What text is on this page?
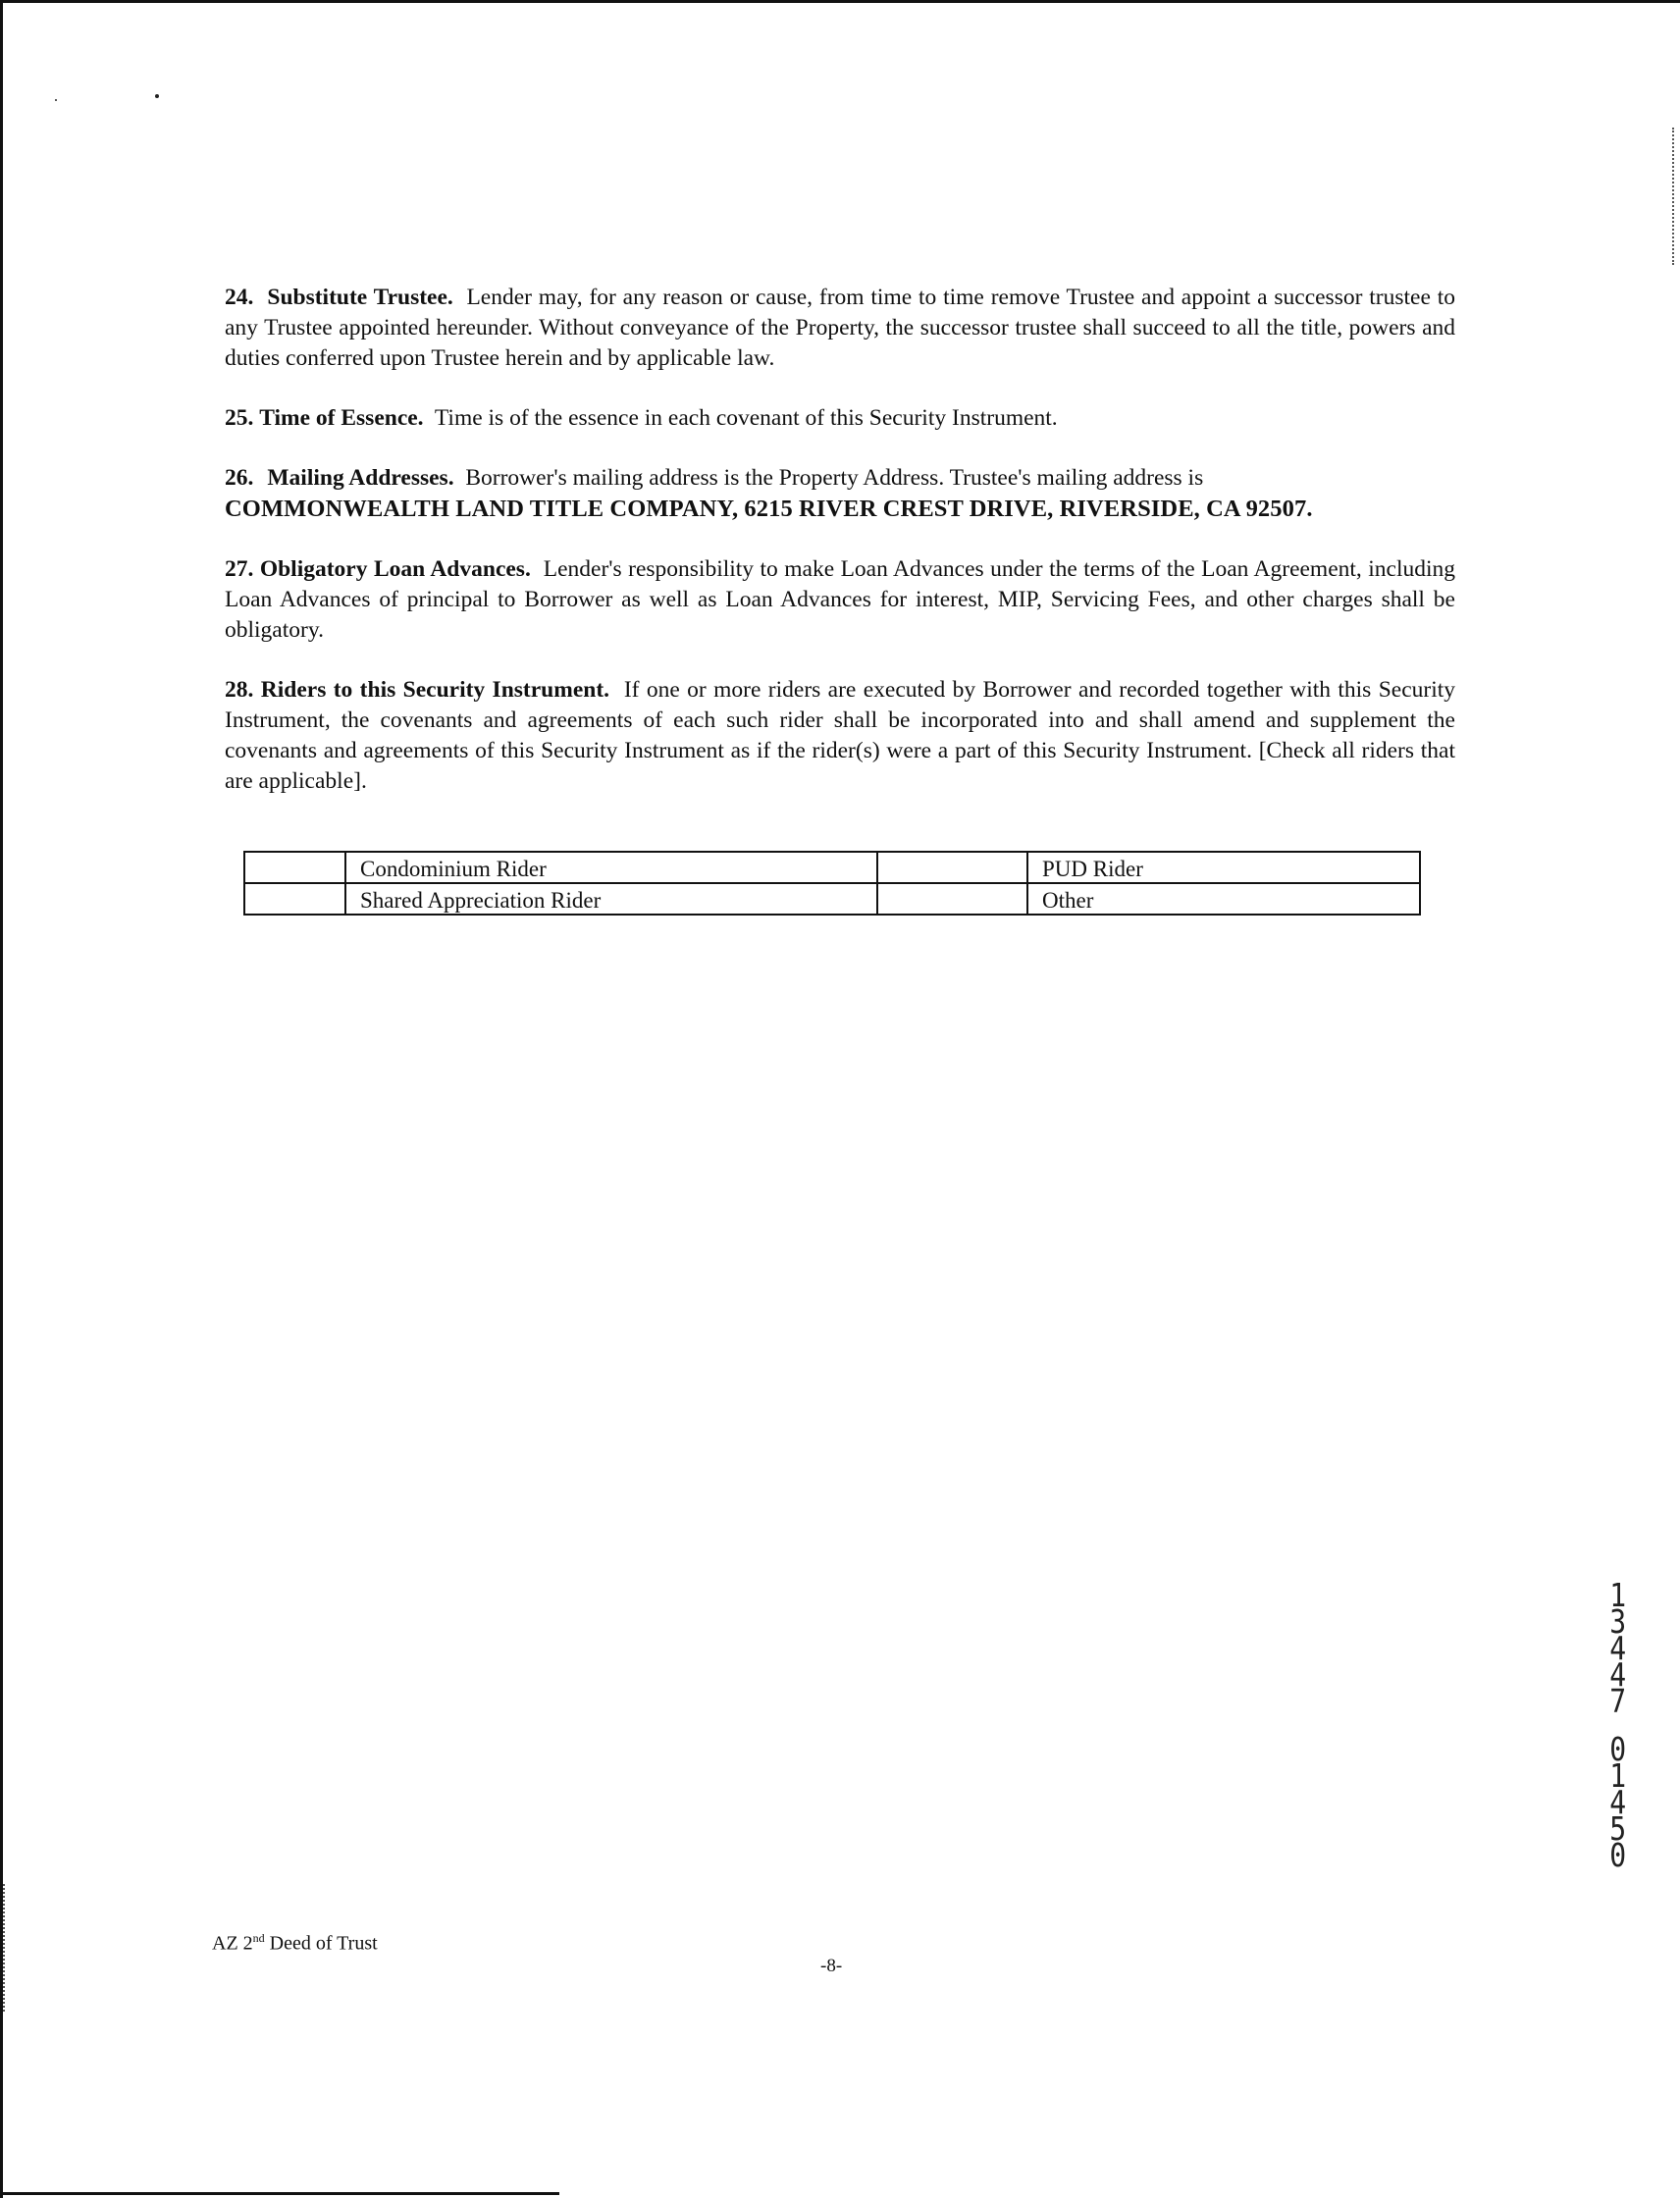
24. Substitute Trustee. Lender may, for any reason or cause, from time to time remove Trustee and appoint a successor trustee to any Trustee appointed hereunder. Without conveyance of the Property, the successor trustee shall succeed to all the title, powers and duties conferred upon Trustee herein and by applicable law.

25. Time of Essence. Time is of the essence in each covenant of this Security Instrument.

26. Mailing Addresses. Borrower's mailing address is the Property Address. Trustee's mailing address is
COMMONWEALTH LAND TITLE COMPANY, 6215 RIVER CREST DRIVE, RIVERSIDE, CA 92507.

27. Obligatory Loan Advances. Lender's responsibility to make Loan Advances under the terms of the Loan Agreement, including Loan Advances of principal to Borrower as well as Loan Advances for interest, MIP, Servicing Fees, and other charges shall be obligatory.

28. Riders to this Security Instrument. If one or more riders are executed by Borrower and recorded together with this Security Instrument, the covenants and agreements of each such rider shall be incorporated into and shall amend and supplement the covenants and agreements of this Security Instrument as if the rider(s) were a part of this Security Instrument. [Check all riders that are applicable].

	Condominium Rider		PUD Rider
	Shared Appreciation Rider		Other
AZ 2nd Deed of Trust
-8-
13447
01450
